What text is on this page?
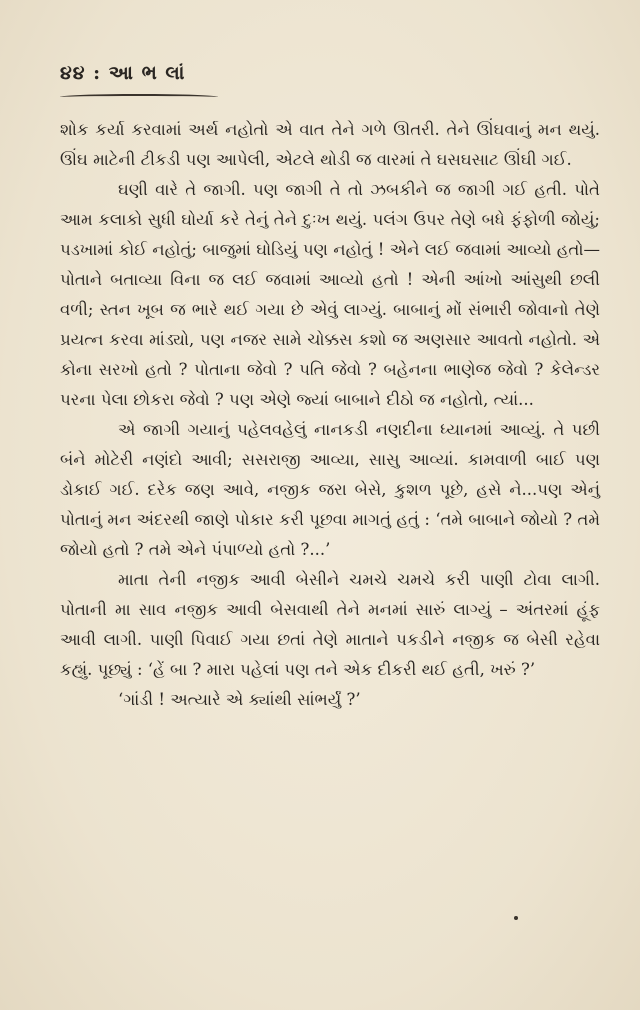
૪૪ : આ ભ લાં

શોક કર્યા કરવામાં અર્થ નહોતો એ વાત તેને ગળે ઊતરી. તેને ઊંઘવાનું મન થયું. ઊંઘ માટેની ટીકડી પણ આપેલી, એટલે થોડી જ વારમાં તે ઘસઘસાટ ઊંઘી ગઈ.

ઘણી વારે તે જાગી. પણ જાગી તે તો ઝબકીને જ જાગી ગઈ હતી. પોતે આમ કલાકો સુધી ઘોર્યા કરે તેનું તેને દુઃખ થયું. પલંગ ઉપર તેણે બધે ફંફોળી જોયું; પડખામાં કોઈ નહોતું; બાજુમાં ઘોડિયું પણ નહોતું ! એને લઈ જવામાં આવ્યો હતો—પોતાને બતાવ્યા વિના જ લઈ જવામાં આવ્યો હતો ! એની આંખો આંસુથી છલી વળી; સ્તન ખૂબ જ ભારે થઈ ગયા છે એવું લાગ્યું. બાબાનું મોં સંભારી જોવાનો તેણે પ્રયત્ન કરવા માંડ્યો, પણ નજર સામે ચોક્કસ કશો જ અણસાર આવતો નહોતો. એ કોના સરખો હતો ? પોતાના જેવો ? પતિ જેવો ? બહેનના ભાણેજ જેવો ? કેલેન્ડર પરના પેલા છોકરા જેવો ? પણ એણે જ્યાં બાબાને દીઠો જ નહોતો, ત્યાં...

એ જાગી ગયાનું પહેલવહેલું નાનકડી નણદીના ધ્યાનમાં આવ્યું. તે પછી બંને મોટેરી નણંદો આવી; સસરાજી આવ્યા, સાસુ આવ્યાં. કામવાળી બાઈ પણ ડોકાઈ ગઈ. દરેક જણ આવે, નજીક જરા બેસે, કુશળ પૂછે, હસે ને...પણ એનું પોતાનું મન અંદરથી જાણે પોકાર કરી પૂછવા માગતું હતું : ‘તમે બાબાને જોયો ? તમે જોયો હતો ? તમે એને પંપાળ્યો હતો ?...’

માતા તેની નજીક આવી બેસીને ચમચે ચમચે કરી પાણી ટોવા લાગી. પોતાની મા સાવ નજીક આવી બેસવાથી તેને મનમાં સારું લાગ્યું – અંતરમાં હૂંફ આવી લાગી. પાણી પિવાઈ ગયા છતાં તેણે માતાને પકડીને નજીક જ બેસી રહેવા કહ્યું. પૂછ્યું : ‘હેં બા ? મારા પહેલાં પણ તને એક દીકરી થઈ હતી, ખરું ?’

‘ગાંડી ! અત્યારે એ ક્યાંથી સાંભર્યું ?’
